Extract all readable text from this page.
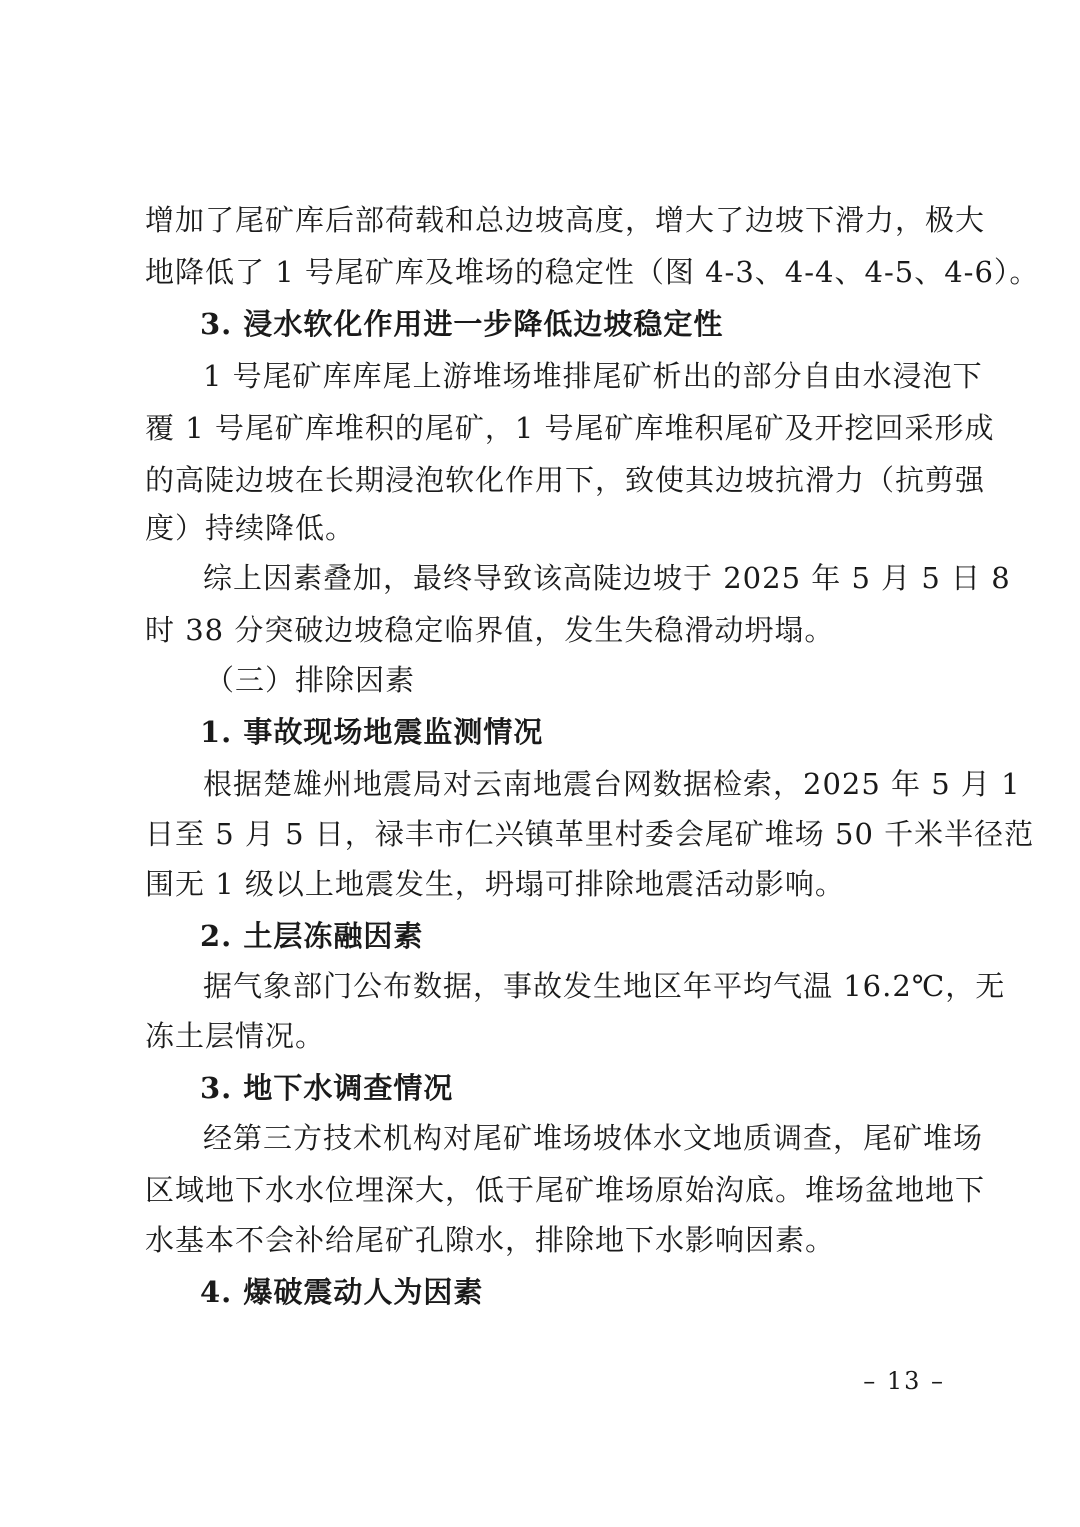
增加了尾矿库后部荷载和总边坡高度，增大了边坡下滑力，极大
地降低了 1 号尾矿库及堆场的稳定性（图 4-3、4-4、4-5、4-6）。
3. 浸水软化作用进一步降低边坡稳定性
1 号尾矿库库尾上游堆场堆排尾矿析出的部分自由水浸泡下
覆 1 号尾矿库堆积的尾矿，1 号尾矿库堆积尾矿及开挖回采形成
的高陡边坡在长期浸泡软化作用下，致使其边坡抗滑力（抗剪强
度）持续降低。
综上因素叠加，最终导致该高陡边坡于 2025 年 5 月 5 日 8
时 38 分突破边坡稳定临界值，发生失稳滑动坍塌。
（三）排除因素
1. 事故现场地震监测情况
根据楚雄州地震局对云南地震台网数据检索，2025 年 5 月 1
日至 5 月 5 日，禄丰市仁兴镇革里村委会尾矿堆场 50 千米半径范
围无 1 级以上地震发生，坍塌可排除地震活动影响。
2. 土层冻融因素
据气象部门公布数据，事故发生地区年平均气温 16.2℃，无
冻土层情况。
3. 地下水调查情况
经第三方技术机构对尾矿堆场坡体水文地质调查，尾矿堆场
区域地下水水位埋深大，低于尾矿堆场原始沟底。堆场盆地地下
水基本不会补给尾矿孔隙水，排除地下水影响因素。
4. 爆破震动人为因素
– 13 –
